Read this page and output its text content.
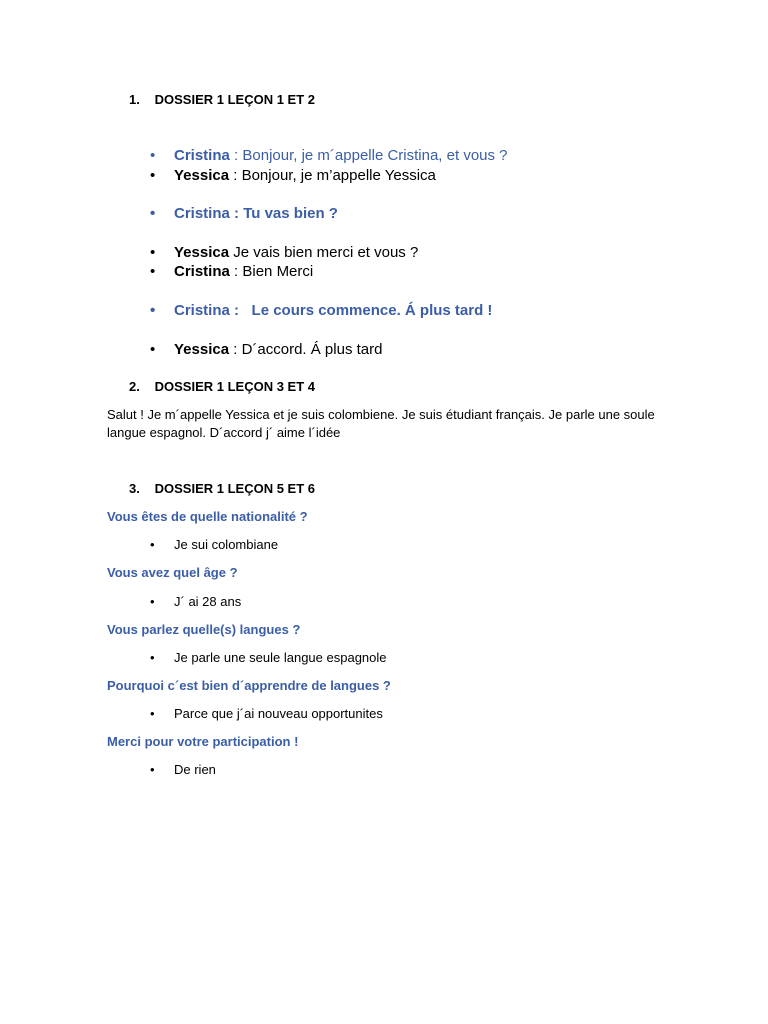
1. DOSSIER 1 LEÇON 1 ET 2
• Cristina : Bonjour, je m´appelle Cristina, et vous ?
• Yessica : Bonjour, je m’appelle Yessica
• Cristina : Tu vas bien ?
• Yessica Je vais bien merci et vous ?
• Cristina : Bien Merci
• Cristina :   Le cours commence. Á plus tard !
• Yessica : D´accord. Á plus tard
2. DOSSIER 1 LEÇON 3 ET 4
Salut ! Je m´appelle Yessica et je suis colombiene. Je suis étudiant français. Je parle une soule langue espagnol. D´accord j´ aime l´idée
3. DOSSIER 1 LEÇON 5 ET 6
Vous êtes de quelle nationalité ?
• Je sui colombiane
Vous avez quel âge ?
• J´ ai 28 ans
Vous parlez quelle(s) langues ?
• Je parle une seule langue espagnole
Pourquoi c´est bien d´apprendre de langues ?
• Parce que j´ai nouveau opportunites
Merci pour votre participation !
• De rien
